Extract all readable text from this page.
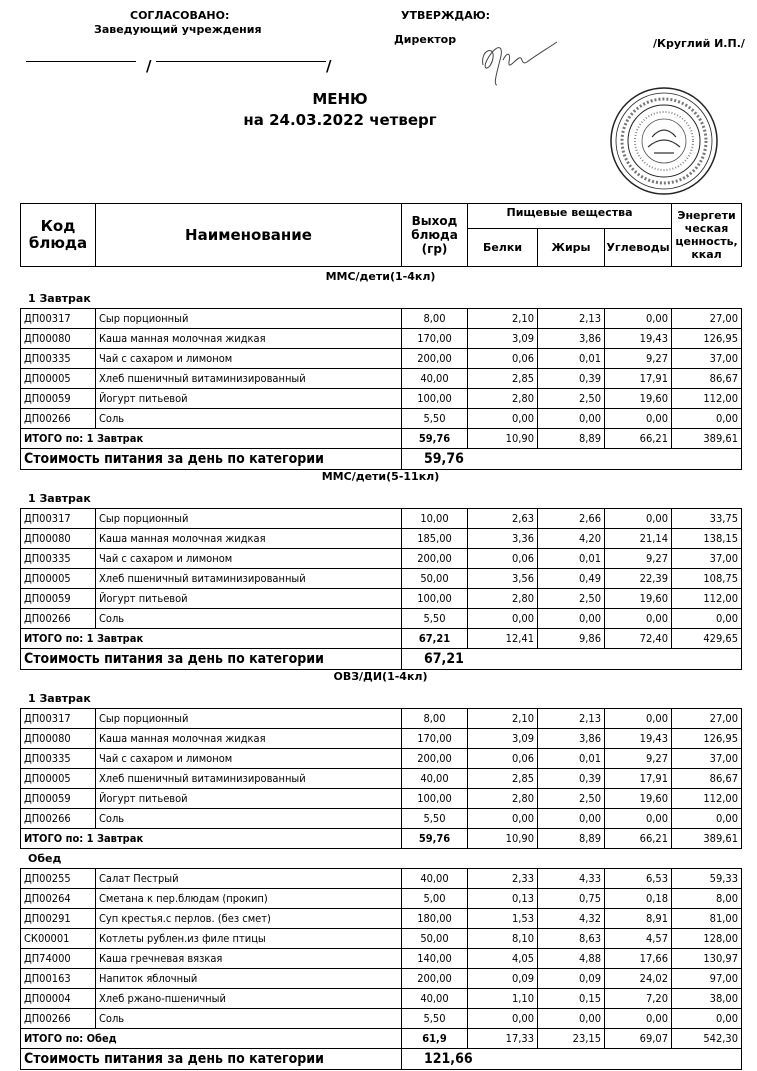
СОГЛАСОВАНО:
Заведующий учреждения
/	/
УТВЕРЖДАЮ:
Директор	/Круглий И.П./
МЕНЮ
на 24.03.2022 четверг
Код блюда	Наименование	Выход блюда (гр)	Пищевые вещества			Энергети ческая ценность, ккал
			Белки	Жиры	Углеводы	
ММС/дети(1-4кл)
1 Завтрак
ДП00317	Сыр порционный	8,00	2,10	2,13	0,00	27,00
ДП00080	Каша манная молочная жидкая	170,00	3,09	3,86	19,43	126,95
ДП00335	Чай с сахаром и лимоном	200,00	0,06	0,01	9,27	37,00
ДП00005	Хлеб пшеничный витаминизированный	40,00	2,85	0,39	17,91	86,67
ДП00059	Йогурт питьевой	100,00	2,80	2,50	19,60	112,00
ДП00266	Соль	5,50	0,00	0,00	0,00	0,00
ИТОГО по: 1 Завтрак		59,76	10,90	8,89	66,21	389,61
Стоимость питания за день по категории		59,76				
ММС/дети(5-11кл)
1 Завтрак
ДП00317	Сыр порционный	10,00	2,63	2,66	0,00	33,75
ДП00080	Каша манная молочная жидкая	185,00	3,36	4,20	21,14	138,15
ДП00335	Чай с сахаром и лимоном	200,00	0,06	0,01	9,27	37,00
ДП00005	Хлеб пшеничный витаминизированный	50,00	3,56	0,49	22,39	108,75
ДП00059	Йогурт питьевой	100,00	2,80	2,50	19,60	112,00
ДП00266	Соль	5,50	0,00	0,00	0,00	0,00
ИТОГО по: 1 Завтрак		67,21	12,41	9,86	72,40	429,65
Стоимость питания за день по категории		67,21				
ОВЗ/ДИ(1-4кл)
1 Завтрак
ДП00317	Сыр порционный	8,00	2,10	2,13	0,00	27,00
ДП00080	Каша манная молочная жидкая	170,00	3,09	3,86	19,43	126,95
ДП00335	Чай с сахаром и лимоном	200,00	0,06	0,01	9,27	37,00
ДП00005	Хлеб пшеничный витаминизированный	40,00	2,85	0,39	17,91	86,67
ДП00059	Йогурт питьевой	100,00	2,80	2,50	19,60	112,00
ДП00266	Соль	5,50	0,00	0,00	0,00	0,00
ИТОГО по: 1 Завтрак		59,76	10,90	8,89	66,21	389,61
Обед
ДП00255	Салат Пестрый	40,00	2,33	4,33	6,53	59,33
ДП00264	Сметана к пер.блюдам (прокип)	5,00	0,13	0,75	0,18	8,00
ДП00291	Суп крестья.с перлов. (без смет)	180,00	1,53	4,32	8,91	81,00
СК00001	Котлеты рублен.из филе птицы	50,00	8,10	8,63	4,57	128,00
ДП74000	Каша гречневая вязкая	140,00	4,05	4,88	17,66	130,97
ДП00163	Напиток яблочный	200,00	0,09	0,09	24,02	97,00
ДП00004	Хлеб ржано-пшеничный	40,00	1,10	0,15	7,20	38,00
ДП00266	Соль	5,50	0,00	0,00	0,00	0,00
ИТОГО по: Обед		61,9	17,33	23,15	69,07	542,30
Стоимость питания за день по категории		121,66				
